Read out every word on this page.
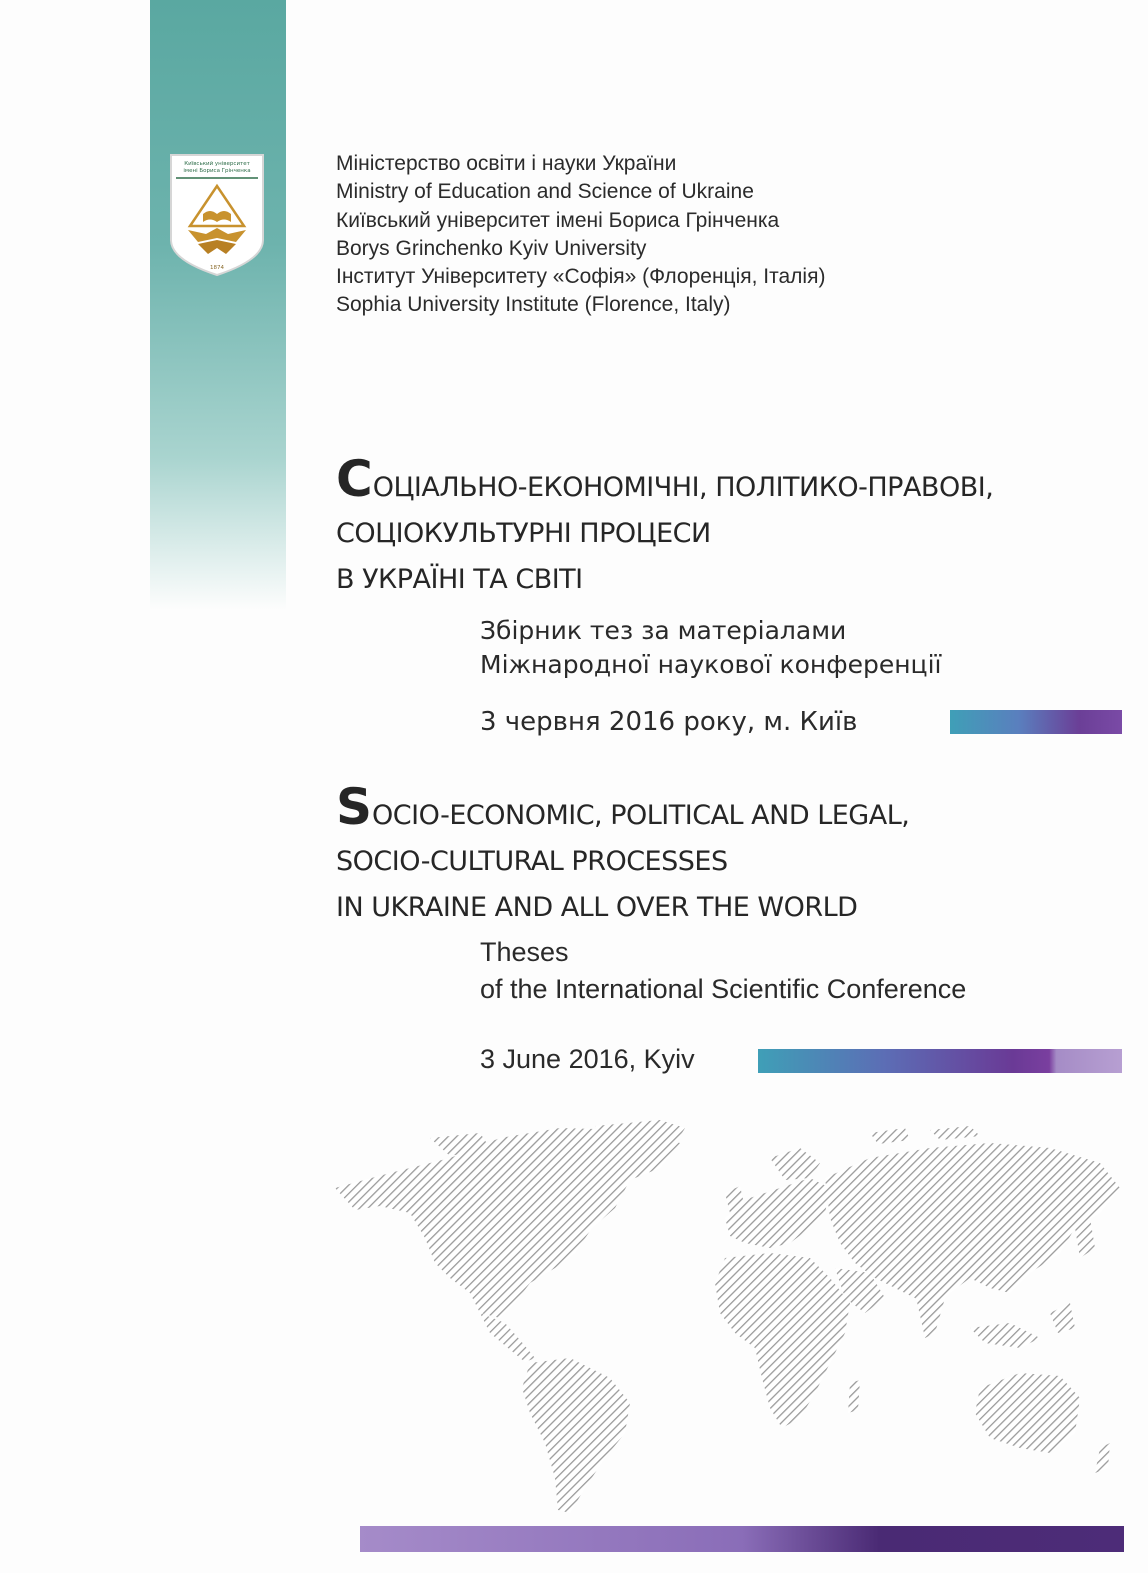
Київський університет
імені Бориса Грінченка
1874
Міністерство освіти і науки України
Ministry of Education and Science of Ukraine
Київський університет імені Бориса Грінченка
Borys Grinchenko Kyiv University
Інститут Університету «Софія» (Флоренція, Італія)
Sophia University Institute (Florence, Italy)
СОЦІАЛЬНО-ЕКОНОМІЧНІ, ПОЛІТИКО-ПРАВОВІ,
СОЦІОКУЛЬТУРНІ ПРОЦЕСИ
В УКРАЇНІ ТА СВІТІ
Збірник тез за матеріалами
Міжнародної наукової конференції
3 червня 2016 року, м. Київ
SOCIO-ECONOMIC, POLITICAL AND LEGAL,
SOCIO-CULTURAL PROCESSES
IN UKRAINE AND ALL OVER THE WORLD
Theses
of the International Scientific Conference
3 June 2016, Kyiv
